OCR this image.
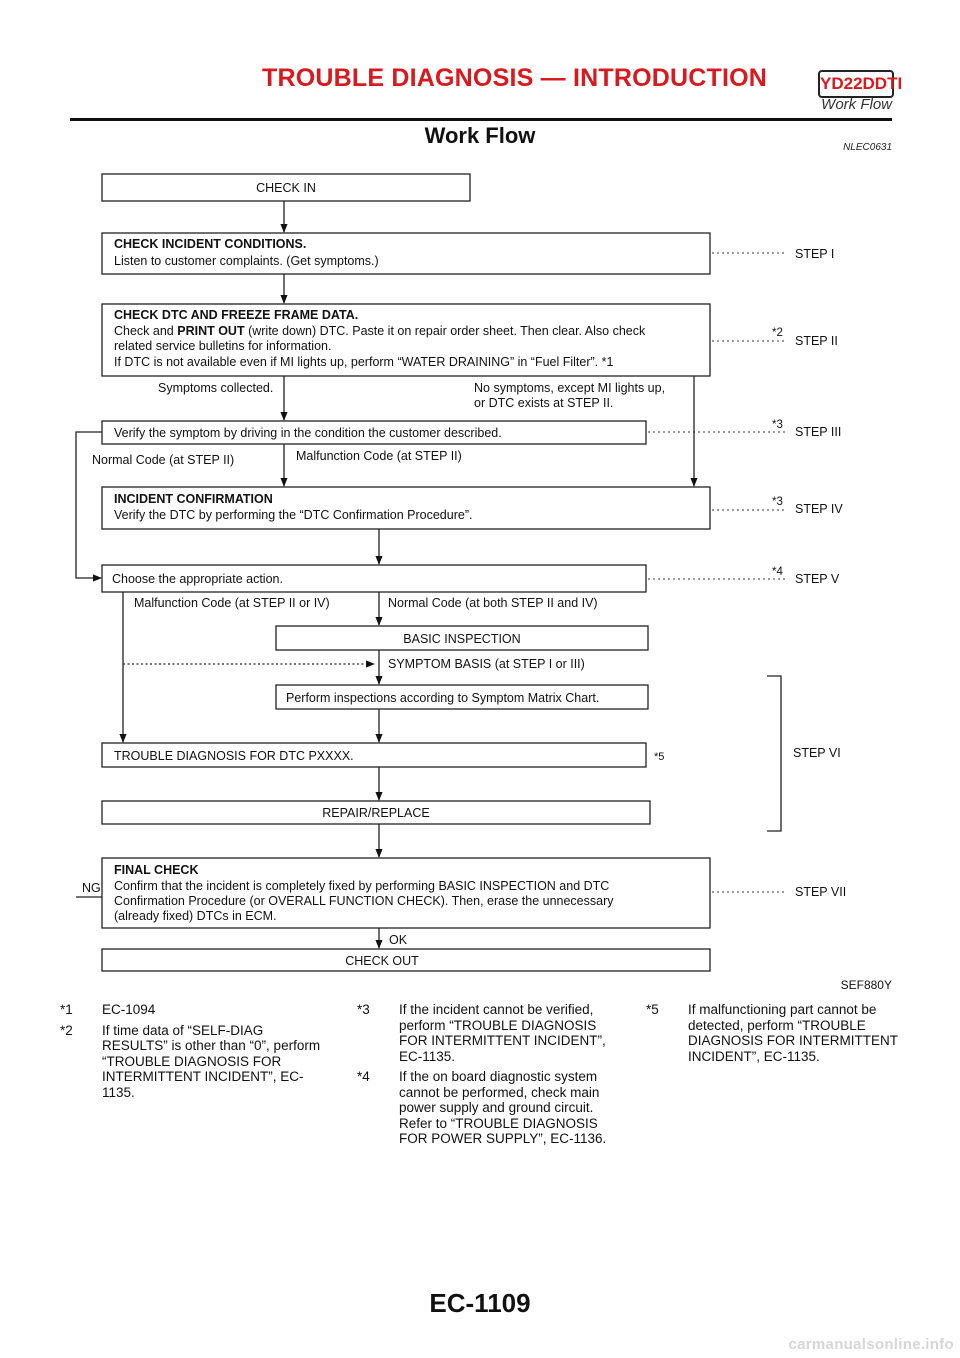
TROUBLE DIAGNOSIS — INTRODUCTION	YD22DDTI
Work Flow
Work Flow	NLEC0631
CHECK IN
CHECK INCIDENT CONDITIONS.
Listen to customer complaints. (Get symptoms.)
CHECK DTC AND FREEZE FRAME DATA.
Check and PRINT OUT (write down) DTC. Paste it on repair order sheet. Then clear. Also check
related service bulletins for information.
If DTC is not available even if MI lights up, perform “WATER DRAINING” in “Fuel Filter”. *1
Symptoms collected.	No symptoms, except MI lights up,
or DTC exists at STEP II.
Verify the symptom by driving in the condition the customer described.
Normal Code (at STEP II)	Malfunction Code (at STEP II)
INCIDENT CONFIRMATION
Verify the DTC by performing the “DTC Confirmation Procedure”.
Choose the appropriate action.
Malfunction Code (at STEP II or IV)	Normal Code (at both STEP II and IV)
BASIC INSPECTION
SYMPTOM BASIS (at STEP I or III)
Perform inspections according to Symptom Matrix Chart.
TROUBLE DIAGNOSIS FOR DTC PXXXX.	*5
REPAIR/REPLACE
FINAL CHECK
Confirm that the incident is completely fixed by performing BASIC INSPECTION and DTC
Confirmation Procedure (or OVERALL FUNCTION CHECK). Then, erase the unnecessary
(already fixed) DTCs in ECM.
NG
OK
CHECK OUT
STEP I
STEP II
STEP III
STEP IV
STEP V
STEP VI
STEP VII
*2
*3
*3
*4
SEF880Y
*1 EC-1094
*2 If time data of “SELF-DIAG RESULTS” is other than “0”, perform “TROUBLE DIAGNOSIS FOR INTERMITTENT INCIDENT”, EC-1135.
*3 If the incident cannot be verified, perform “TROUBLE DIAGNOSIS FOR INTERMITTENT INCIDENT”, EC-1135.
*4 If the on board diagnostic system cannot be performed, check main power supply and ground circuit. Refer to “TROUBLE DIAGNOSIS FOR POWER SUPPLY”, EC-1136.
*5 If malfunctioning part cannot be detected, perform “TROUBLE DIAGNOSIS FOR INTERMITTENT INCIDENT”, EC-1135.
EC-1109
carmanualsonline.info
